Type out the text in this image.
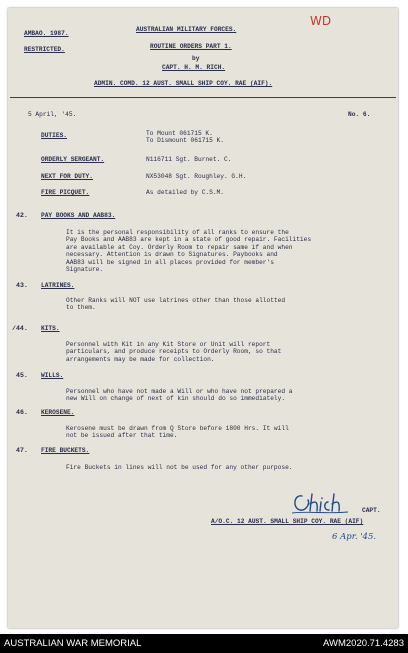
WD
AMBAO. 1987.
RESTRICTED.
AUSTRALIAN MILITARY FORCES.
ROUTINE ORDERS PART 1.
by
CAPT. H. M. RICH.
ADMIN. COMD. 12 AUST. SMALL SHIP COY. RAE (AIF).
5 April, '45.	No. 6.
DUTIES.	To Mount 061715 K.
To Dismount 061715 K.
ORDERLY SERGEANT.	N116711 Sgt. Burnet. C.
NEXT FOR DUTY.	NX53048 Sgt. Roughley. G.H.
FIRE PICQUET.	As detailed by C.S.M.
42. PAY BOOKS AND AAB83.
It is the personal responsibility of all ranks to ensure the
Pay Books and AAB83 are kept in a state of good repair. Facilities
are available at Coy. Orderly Room to repair same if and when
necessary. Attention is drawn to Signatures. Paybooks and
AAB83 will be signed in all places provided for member's
Signature.
43. LATRINES.
Other Ranks will NOT use latrines other than those allotted
to them.
/44. KITS.
Personnel with Kit in any Kit Store or Unit will report
particulars, and produce receipts to Orderly Room, so that
arrangements may be made for collection.
45. WILLS.
Personnel who have not made a Will or who have not prepared a
new Will on change of next of kin should do so immediately.
46. KEROSENE.
Kerosene must be drawn from Q Store before 1800 Hrs. It will
not be issued after that time.
47. FIRE BUCKETS.
Fire Buckets in lines will not be used for any other purpose.
CAPT.
A/O.C. 12 AUST. SMALL SHIP COY. RAE (AIF)
6 Apr. '45.
AUSTRALIAN WAR MEMORIAL	AWM2020.71.4283
